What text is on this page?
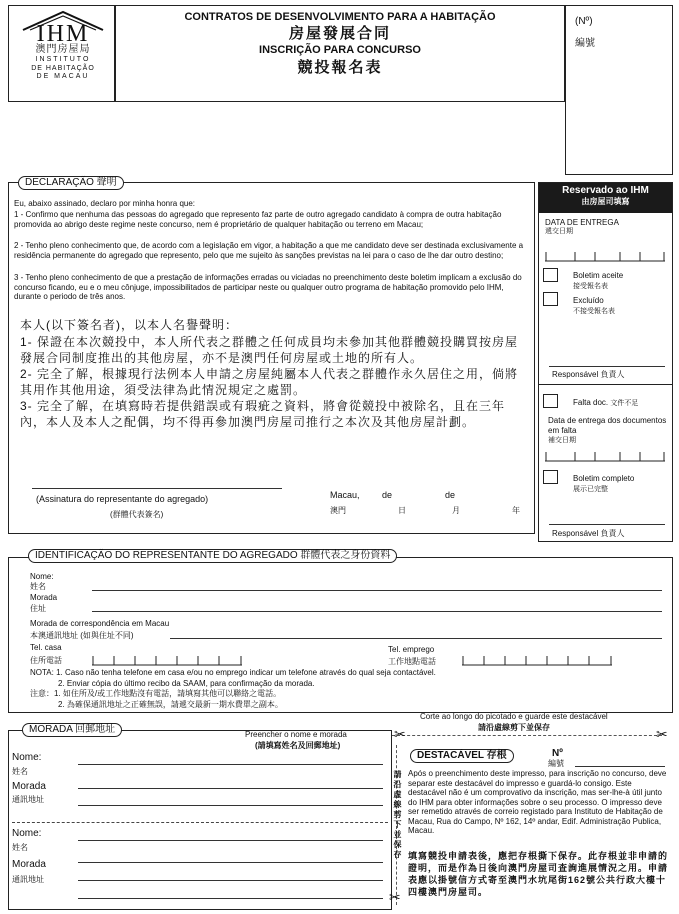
IHM
澳門房屋局
INSTITUTO
DE HABITAÇÃO
DE MACAU
CONTRATOS DE DESENVOLVIMENTO PARA A HABITAÇÃO
房屋發展合同
INSCRIÇÃO PARA CONCURSO
競投報名表
(Nº)
編號
DECLARAÇÃO 聲明
Eu, abaixo assinado, declaro por minha honra que:
1 - Confirmo que nenhuma das pessoas do agregado que represento faz parte de outro agregado candidato à compra de outra habitação promovida ao abrigo deste regime neste concurso, nem é proprietário de qualquer habitação ou terreno em Macau;
2 - Tenho pleno conhecimento que, de acordo com a legislação em vigor, a habitação a que me candidato deve ser destinada exclusivamente a residência permanente do agregado que represento, pelo que me sujeito às sanções previstas na lei para o caso de lhe dar outro destino;
3 - Tenho pleno conhecimento de que a prestação de informações erradas ou viciadas no preenchimento deste boletim implicam a exclusão do concurso ficando, eu e o meu cônjuge, impossibilitados de participar neste ou qualquer outro programa de habitação promovido pelo IHM, durante o periodo de três anos.
本人(以下簽名者)，以本人名譽聲明：
1- 保證在本次競投中，本人所代表之群體之任何成員均未參加其他群體競投購買按房屋發展合同制度推出的其他房屋，亦不是澳門任何房屋或土地的所有人。
2- 完全了解，根據現行法例本人申請之房屋純屬本人代表之群體作永久居住之用，倘將其用作其他用途，須受法律為此情況規定之處罰。
3- 完全了解，在填寫時若提供錯誤或有瑕疵之資料，將會從競投中被除名，且在三年內，本人及本人之配偶，均不得再參加澳門房屋司推行之本次及其他房屋計劃。
(Assinatura do representante do agregado)
(群體代表簽名)
Macau, de	de
澳門	日	月	年
Reservado ao IHM
由房屋司填寫
DATA DE ENTREGA
遞交日期
Boletim aceite
接受報名表
Excluído
不接受報名表
Responsável 負責人
Falta doc. 文件不足
Data de entrega dos documentos em falta
補交日期
Boletim completo
展示已完整
Responsável 負責人
IDENTIFICAÇÃO DO REPRESENTANTE DO AGREGADO 群體代表之身份資料
Nome:
姓名
Morada
住址
Morada de correspondência em Macau
本澳通訊地址 (如與住址不同)
Tel. casa
住所電話
Tel. emprego
工作地點電話
NOTA: 1. Caso não tenha telefone em casa e/ou no emprego indicar um telefone através do qual seja contactável.
2. Enviar cópia do último recibo da SAAM, para confirmação da morada.
注意：1. 如住所及/或工作地點沒有電話，請填寫其他可以聯絡之電話。
2. 為確保通訊地址之正確無誤，請遞交最新一期水費單之副本。
MORADA 回郵地址	Preencher o nome e morada
(請填寫姓名及回郵地址)
Nome:
姓名
Morada
通訊地址
Nome:
姓名
Morada
通訊地址
Corte ao longo do picotado e guarde este destacável
請沿虛線剪下並保存
✂	✂
✂
請沿虛線剪下並保存
DESTACÁVEL 存根	Nº
編號
Após o preenchimento deste impresso, para inscrição no concurso, deve separar este destacável do impresso e guardá-lo consigo. Este destacável não é um comprovativo da inscrição, mas ser-lhe-à útil junto do IHM para obter informações sobre o seu processo. O impresso deve ser remetido através de correio registado para Instituto de Habitação de Macau, Rua do Campo, Nº 162, 14º andar, Edif. Administração Publica, Macau.
填寫競投申請表後，應把存根撕下保存。此存根並非申請的證明，而是作為日後向澳門房屋司查詢進展情況之用。申請表應以掛號信方式寄至澳門水坑尾街162號公共行政大樓十四樓澳門房屋司。
